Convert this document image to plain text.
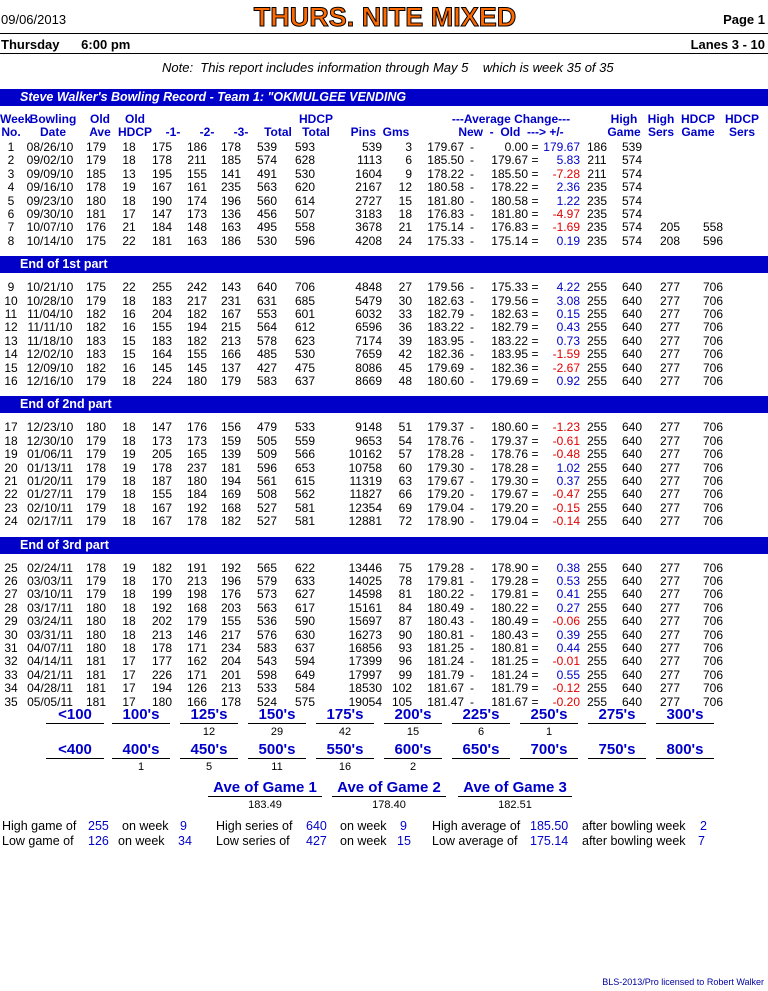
09/06/2013	THURS. NITE MIXED	Page 1
Thursday      6:00 pm	Lanes 3 - 10
Note:  This report includes information through May 5    which is week 35 of 35
Steve Walker's Bowling Record - Team 1: "OKMULGEE VENDING
Week
No.
Bowling
Date
Old
Ave
Old
HDCP	-1-	-2-	-3-	Total
HDCP
Total	Pins  Gms
---Average Change---
New  -  Old  ---> +/-
High
Game
High
Sers
HDCP
Game
HDCP
Sers
1	08/26/10	179	18	175	186	178	539	593	539	3	179.67	-	0.00	=	179.67	186	539		
2	09/02/10	179	18	178	211	185	574	628	1113	6	185.50	-	179.67	=	5.83	211	574		
3	09/09/10	185	13	195	155	141	491	530	1604	9	178.22	-	185.50	=	-7.28	211	574		
4	09/16/10	178	19	167	161	235	563	620	2167	12	180.58	-	178.22	=	2.36	235	574		
5	09/23/10	180	18	190	174	196	560	614	2727	15	181.80	-	180.58	=	1.22	235	574		
6	09/30/10	181	17	147	173	136	456	507	3183	18	176.83	-	181.80	=	-4.97	235	574		
7	10/07/10	176	21	184	148	163	495	558	3678	21	175.14	-	176.83	=	-1.69	235	574	205	558
8	10/14/10	175	22	181	163	186	530	596	4208	24	175.33	-	175.14	=	0.19	235	574	208	596
End of 1st part
9	10/21/10	175	22	255	242	143	640	706	4848	27	179.56	-	175.33	=	4.22	255	640	277	706
10	10/28/10	179	18	183	217	231	631	685	5479	30	182.63	-	179.56	=	3.08	255	640	277	706
11	11/04/10	182	16	204	182	167	553	601	6032	33	182.79	-	182.63	=	0.15	255	640	277	706
12	11/11/10	182	16	155	194	215	564	612	6596	36	183.22	-	182.79	=	0.43	255	640	277	706
13	11/18/10	183	15	183	182	213	578	623	7174	39	183.95	-	183.22	=	0.73	255	640	277	706
14	12/02/10	183	15	164	155	166	485	530	7659	42	182.36	-	183.95	=	-1.59	255	640	277	706
15	12/09/10	182	16	145	145	137	427	475	8086	45	179.69	-	182.36	=	-2.67	255	640	277	706
16	12/16/10	179	18	224	180	179	583	637	8669	48	180.60	-	179.69	=	0.92	255	640	277	706
End of 2nd part
17	12/23/10	180	18	147	176	156	479	533	9148	51	179.37	-	180.60	=	-1.23	255	640	277	706
18	12/30/10	179	18	173	173	159	505	559	9653	54	178.76	-	179.37	=	-0.61	255	640	277	706
19	01/06/11	179	19	205	165	139	509	566	10162	57	178.28	-	178.76	=	-0.48	255	640	277	706
20	01/13/11	178	19	178	237	181	596	653	10758	60	179.30	-	178.28	=	1.02	255	640	277	706
21	01/20/11	179	18	187	180	194	561	615	11319	63	179.67	-	179.30	=	0.37	255	640	277	706
22	01/27/11	179	18	155	184	169	508	562	11827	66	179.20	-	179.67	=	-0.47	255	640	277	706
23	02/10/11	179	18	167	192	168	527	581	12354	69	179.04	-	179.20	=	-0.15	255	640	277	706
24	02/17/11	179	18	167	178	182	527	581	12881	72	178.90	-	179.04	=	-0.14	255	640	277	706
End of 3rd part
25	02/24/11	178	19	182	191	192	565	622	13446	75	179.28	-	178.90	=	0.38	255	640	277	706
26	03/03/11	179	18	170	213	196	579	633	14025	78	179.81	-	179.28	=	0.53	255	640	277	706
27	03/10/11	179	18	199	198	176	573	627	14598	81	180.22	-	179.81	=	0.41	255	640	277	706
28	03/17/11	180	18	192	168	203	563	617	15161	84	180.49	-	180.22	=	0.27	255	640	277	706
29	03/24/11	180	18	202	179	155	536	590	15697	87	180.43	-	180.49	=	-0.06	255	640	277	706
30	03/31/11	180	18	213	146	217	576	630	16273	90	180.81	-	180.43	=	0.39	255	640	277	706
31	04/07/11	180	18	178	171	234	583	637	16856	93	181.25	-	180.81	=	0.44	255	640	277	706
32	04/14/11	181	17	177	162	204	543	594	17399	96	181.24	-	181.25	=	-0.01	255	640	277	706
33	04/21/11	181	17	226	171	201	598	649	17997	99	181.79	-	181.24	=	0.55	255	640	277	706
34	04/28/11	181	17	194	126	213	533	584	18530	102	181.67	-	181.79	=	-0.12	255	640	277	706
35	05/05/11	181	17	180	166	178	524	575	19054	105	181.47	-	181.67	=	-0.20	255	640	277	706
<100	100's	125's
12
150's
29
175's
42
200's
15
225's
6
250's
1
275's	300's
<400	400's
1
450's
5
500's
11
550's
16
600's
2
650's	700's	750's	800's
Ave of Game 1
183.49
Ave of Game 2
178.40
Ave of Game 3
182.51
High game of 255 on week 9
Low game of 126 on week 34
High series of 640 on week 9
Low series of 427 on week 15
High average of 185.50 after bowling week 2
Low average of 175.14 after bowling week 7
BLS-2013/Pro licensed to Robert Walker
